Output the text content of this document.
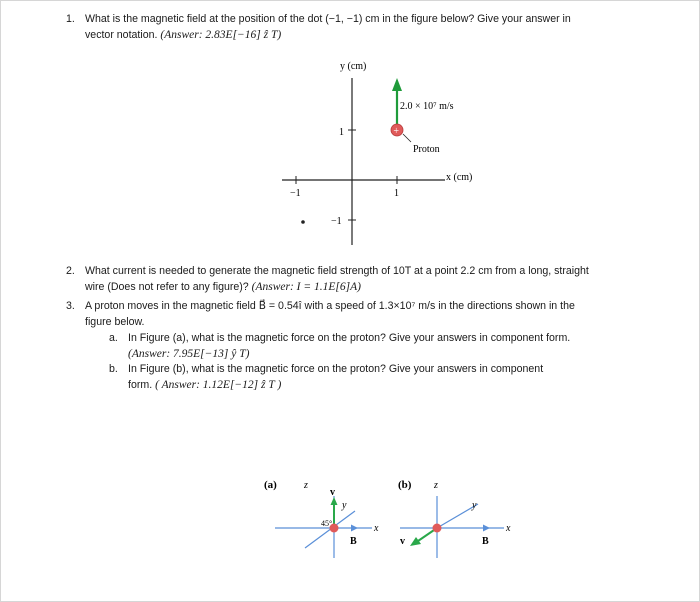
1. What is the magnetic field at the position of the dot (−1, −1) cm in the figure below? Give your answer in
vector notation. (Answer: 2.83E[−16] ẑ T)
1
−1
1
−1
y (cm)
x (cm)
+
2.0 × 10⁷ m/s
Proton
2. What current is needed to generate the magnetic field strength of 10T at a point 2.2 cm from a long, straight
wire (Does not refer to any figure)? (Answer: I = 1.1E[6]A)
3. A proton moves in the magnetic field B⃗ = 0.54î with a speed of 1.3×10⁷ m/s in the directions shown in the
figure below.
a. In Figure (a), what is the magnetic force on the proton? Give your answers in component form.
(Answer: 7.95E[−13] ŷ T)
b. In Figure (b), what is the magnetic force on the proton? Give your answers in component
form. ( Answer: 1.12E[−12] ẑ T )
(a)	z
v⃗
y
x
45°
B⃗
(b) z
y
x
v⃗	B⃗
